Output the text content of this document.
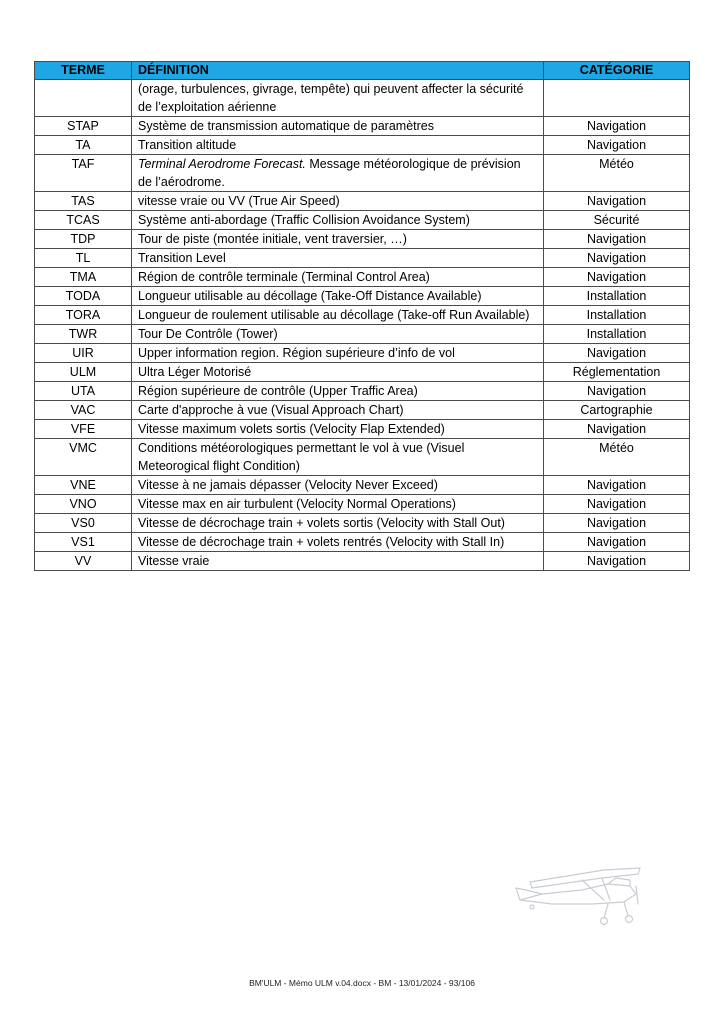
TERME	DÉFINITION	CATÉGORIE
	(orage, turbulences, givrage, tempête) qui peuvent affecter la sécurité de l’exploitation aérienne	
STAP	Système de transmission automatique de paramètres	Navigation
TA	Transition altitude	Navigation
TAF	Terminal Aerodrome Forecast. Message météorologique de prévision de l’aérodrome.	Météo
TAS	vitesse vraie ou VV (True Air Speed)	Navigation
TCAS	Système anti-abordage (Traffic Collision Avoidance System)	Sécurité
TDP	Tour de piste (montée initiale, vent traversier, …)	Navigation
TL	Transition Level	Navigation
TMA	Région de contrôle terminale (Terminal Control Area)	Navigation
TODA	Longueur utilisable au décollage (Take-Off Distance Available)	Installation
TORA	Longueur de roulement utilisable au décollage (Take-off Run Available)	Installation
TWR	Tour De Contrôle (Tower)	Installation
UIR	Upper information region. Région supérieure d’info de vol	Navigation
ULM	Ultra Léger Motorisé	Réglementation
UTA	Région supérieure de contrôle (Upper Traffic Area)	Navigation
VAC	Carte d'approche à vue (Visual Approach Chart)	Cartographie
VFE	Vitesse maximum volets sortis (Velocity Flap Extended)	Navigation
VMC	Conditions météorologiques permettant le vol à vue (Visuel Meteorogical flight Condition)	Météo
VNE	Vitesse à ne jamais dépasser (Velocity Never Exceed)	Navigation
VNO	Vitesse max en air turbulent (Velocity Normal Operations)	Navigation
VS0	Vitesse de décrochage train + volets sortis (Velocity with Stall Out)	Navigation
VS1	Vitesse de décrochage train + volets rentrés (Velocity with Stall In)	Navigation
VV	Vitesse vraie	Navigation
BM'ULM - Mémo ULM v.04.docx - BM - 13/01/2024 - 93/106
